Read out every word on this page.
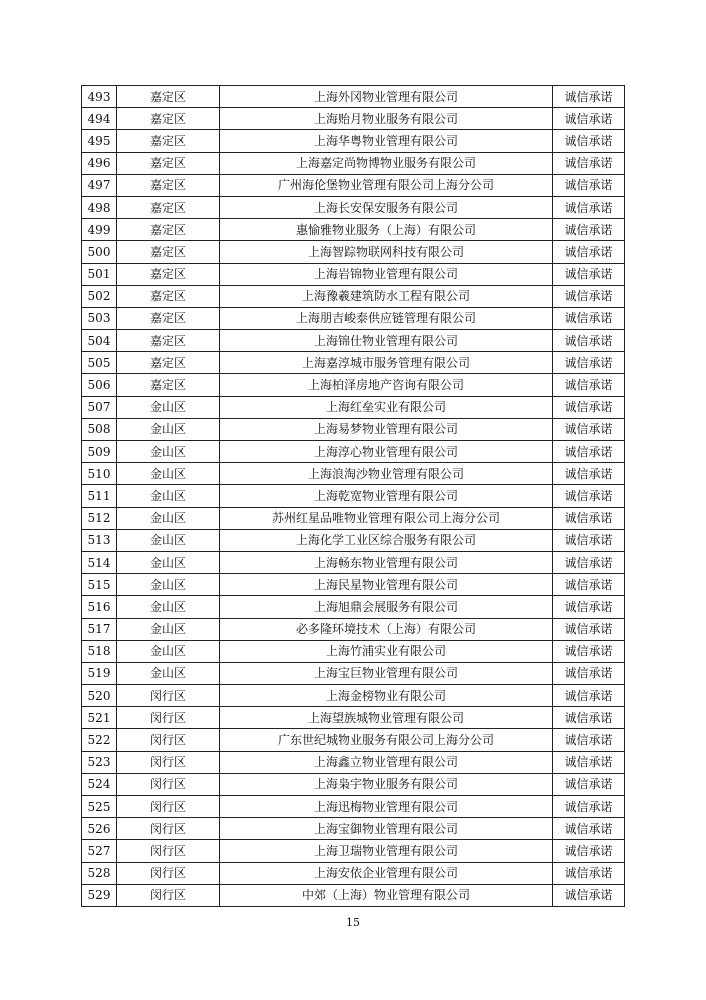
493	嘉定区	上海外冈物业管理有限公司	诚信承诺
494	嘉定区	上海贻月物业服务有限公司	诚信承诺
495	嘉定区	上海华粤物业管理有限公司	诚信承诺
496	嘉定区	上海嘉定尚物博物业服务有限公司	诚信承诺
497	嘉定区	广州海伦堡物业管理有限公司上海分公司	诚信承诺
498	嘉定区	上海长安保安服务有限公司	诚信承诺
499	嘉定区	惠愉雅物业服务（上海）有限公司	诚信承诺
500	嘉定区	上海智踪物联网科技有限公司	诚信承诺
501	嘉定区	上海岩锦物业管理有限公司	诚信承诺
502	嘉定区	上海豫羲建筑防水工程有限公司	诚信承诺
503	嘉定区	上海朋吉峻泰供应链管理有限公司	诚信承诺
504	嘉定区	上海锦仕物业管理有限公司	诚信承诺
505	嘉定区	上海嘉淳城市服务管理有限公司	诚信承诺
506	嘉定区	上海柏泽房地产咨询有限公司	诚信承诺
507	金山区	上海红垒实业有限公司	诚信承诺
508	金山区	上海易梦物业管理有限公司	诚信承诺
509	金山区	上海淳心物业管理有限公司	诚信承诺
510	金山区	上海浪淘沙物业管理有限公司	诚信承诺
511	金山区	上海乾宽物业管理有限公司	诚信承诺
512	金山区	苏州红星品唯物业管理有限公司上海分公司	诚信承诺
513	金山区	上海化学工业区综合服务有限公司	诚信承诺
514	金山区	上海畅东物业管理有限公司	诚信承诺
515	金山区	上海民星物业管理有限公司	诚信承诺
516	金山区	上海旭鼎会展服务有限公司	诚信承诺
517	金山区	必多隆环境技术（上海）有限公司	诚信承诺
518	金山区	上海竹浦实业有限公司	诚信承诺
519	金山区	上海宝巨物业管理有限公司	诚信承诺
520	闵行区	上海金榜物业有限公司	诚信承诺
521	闵行区	上海望族城物业管理有限公司	诚信承诺
522	闵行区	广东世纪城物业服务有限公司上海分公司	诚信承诺
523	闵行区	上海鑫立物业管理有限公司	诚信承诺
524	闵行区	上海枭宇物业服务有限公司	诚信承诺
525	闵行区	上海迅梅物业管理有限公司	诚信承诺
526	闵行区	上海宝御物业管理有限公司	诚信承诺
527	闵行区	上海卫瑞物业管理有限公司	诚信承诺
528	闵行区	上海安依企业管理有限公司	诚信承诺
529	闵行区	中郊（上海）物业管理有限公司	诚信承诺
15
